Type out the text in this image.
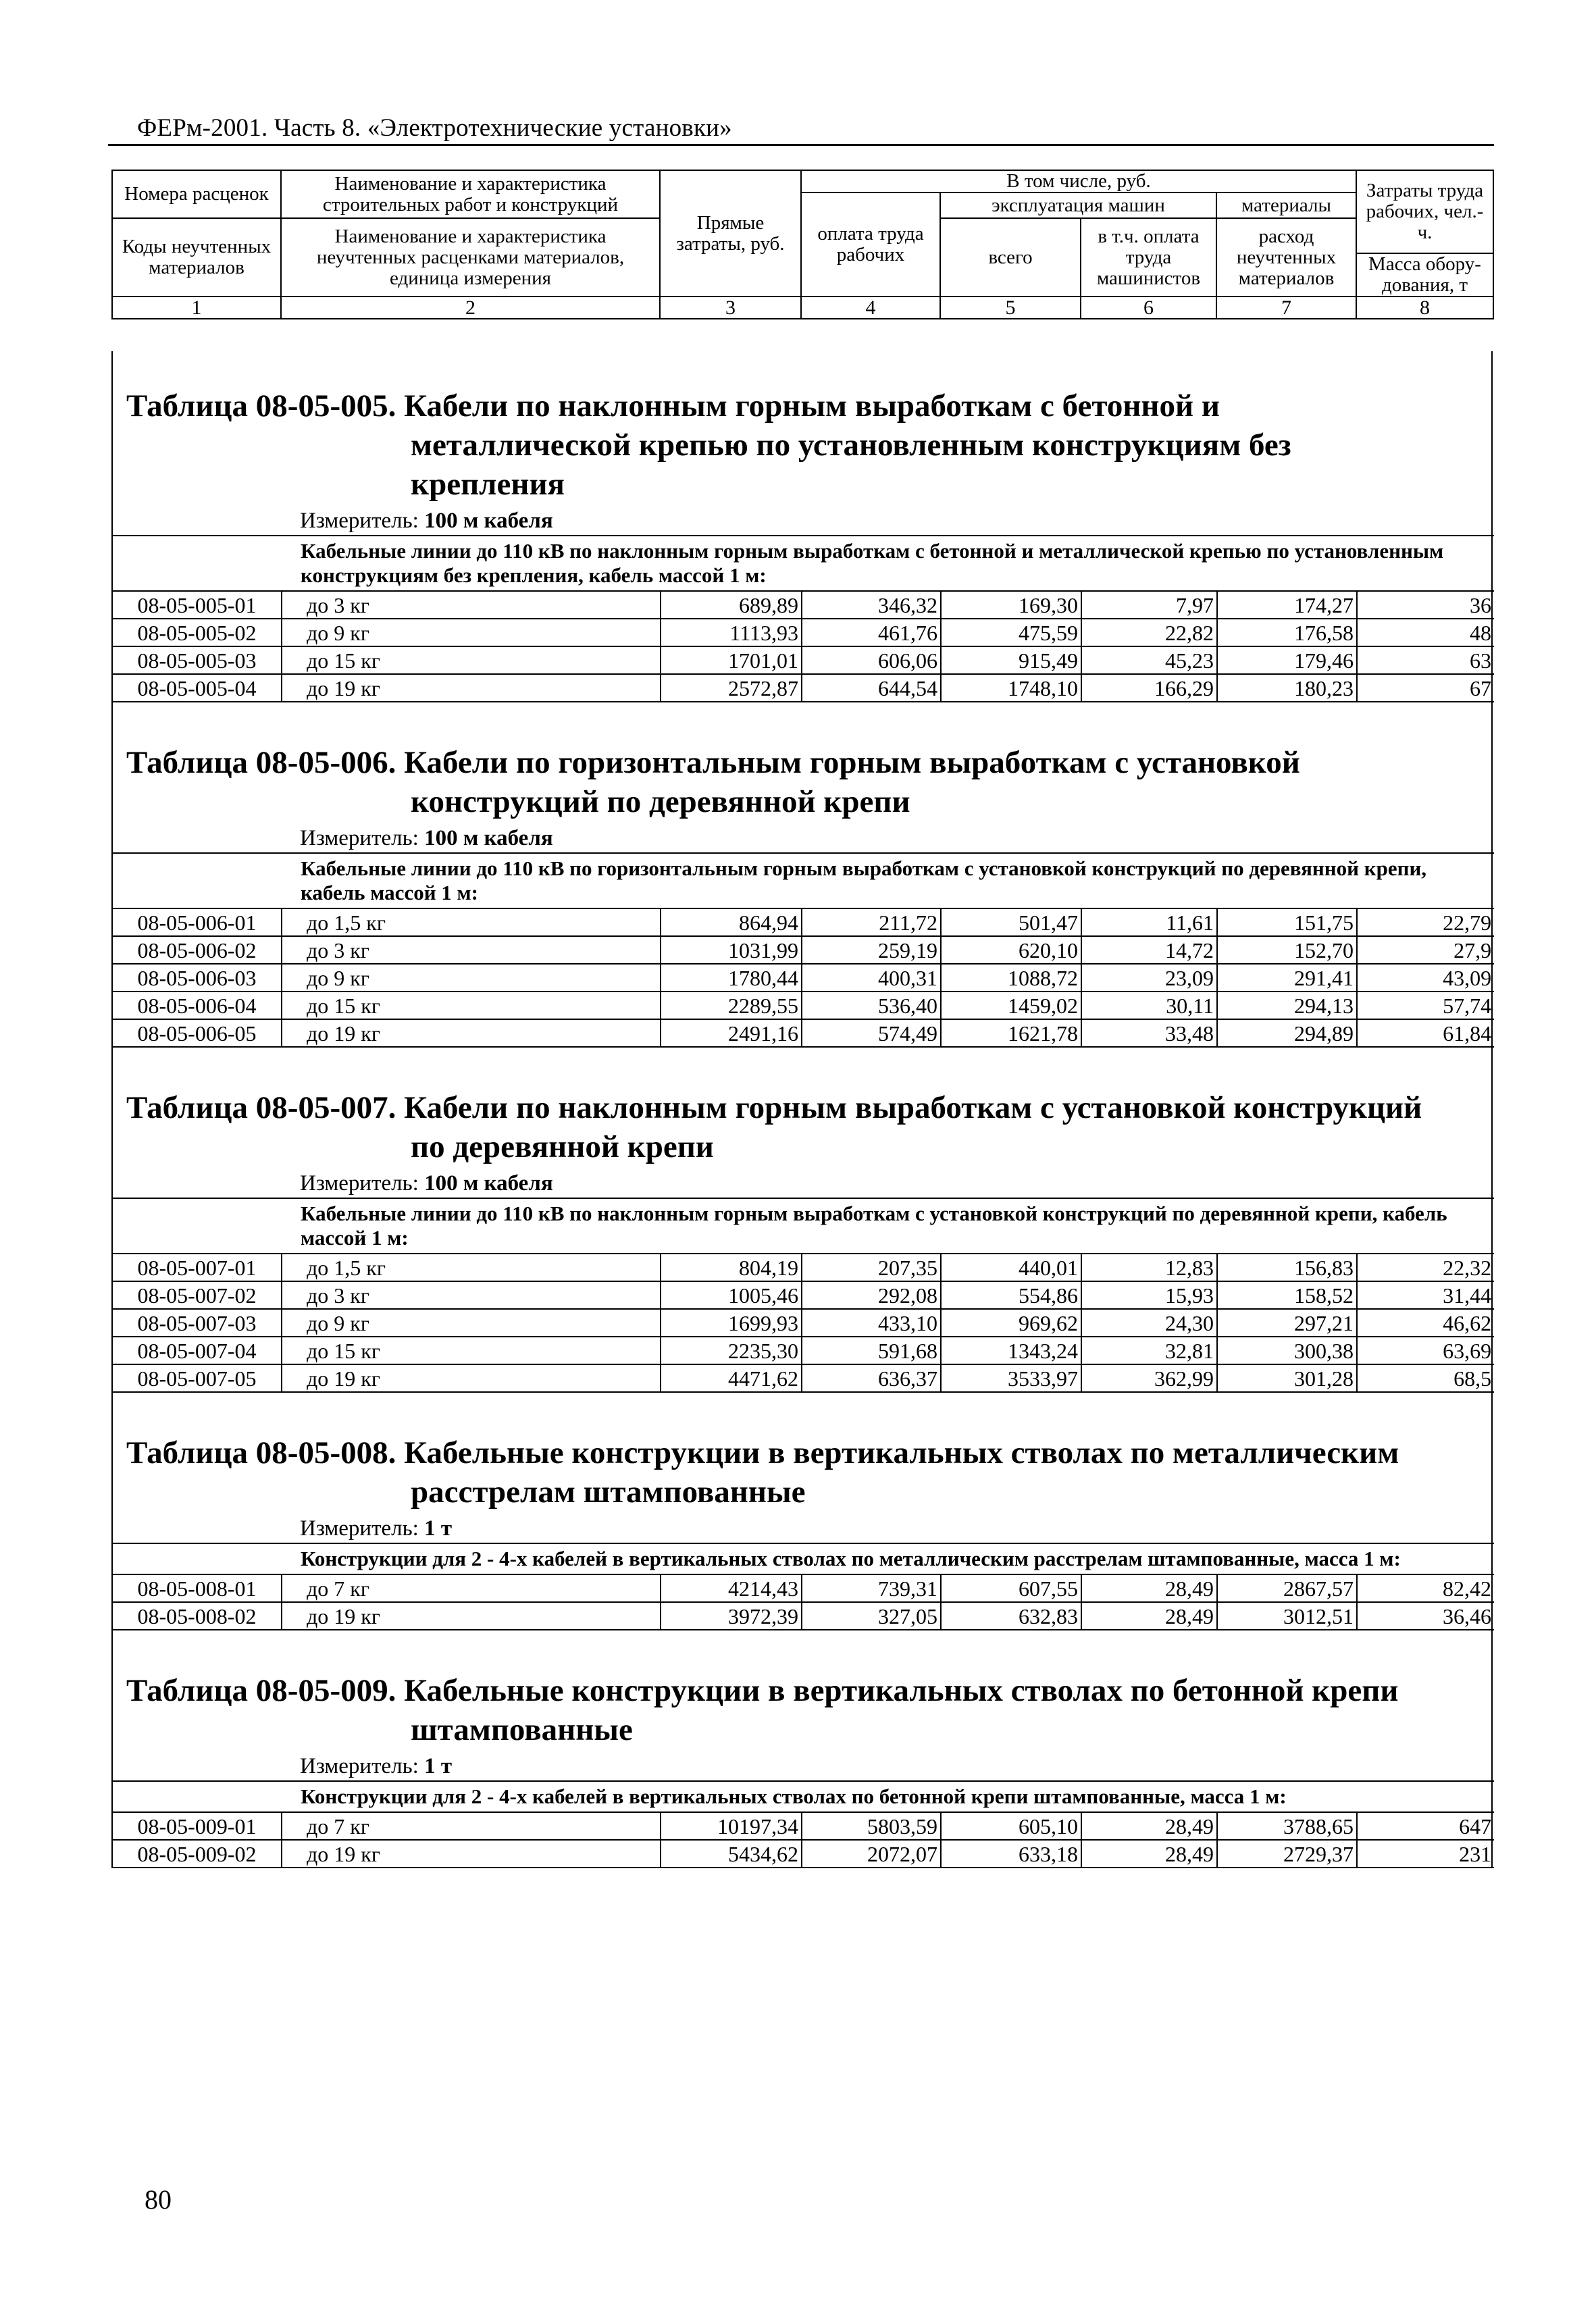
ФЕРм-2001. Часть 8. «Электротехнические установки»
Номера расценок	Наименование и характеристика строительных работ и конструкций	Прямые затраты, руб.	В том числе, руб.				Затраты труда рабочих, чел.-ч.
			оплата труда рабочих	эксплуатация машин		материалы	
Коды неучтенных материалов	Наименование и характеристика неучтенных расценками материалов, единица измерения			всего	в т.ч. оплата труда машинистов	расход неучтенных материалов	
							Масса обору-дования, т

1	2	3	4	5	6	7	8
Таблица 08-05-005. Кабели по наклонным горным выработкам с бетонной и
металлической крепью по установленным конструкциям без
крепления
Измеритель: 100 м кабеля
Кабельные линии до 110 кВ по наклонным горным выработкам с бетонной и металлической крепью по установленным конструкциям без крепления, кабель массой 1 м:							
08-05-005-01	до 3 кг	689,89	346,32	169,30	7,97	174,27	36
08-05-005-02	до 9 кг	1113,93	461,76	475,59	22,82	176,58	48
08-05-005-03	до 15 кг	1701,01	606,06	915,49	45,23	179,46	63
08-05-005-04	до 19 кг	2572,87	644,54	1748,10	166,29	180,23	67
Таблица 08-05-006. Кабели по горизонтальным горным выработкам с установкой
конструкций по деревянной крепи
Измеритель: 100 м кабеля
Кабельные линии до 110 кВ по горизонтальным горным выработкам с установкой конструкций по деревянной крепи, кабель массой 1 м:							
08-05-006-01	до 1,5 кг	864,94	211,72	501,47	11,61	151,75	22,79
08-05-006-02	до 3 кг	1031,99	259,19	620,10	14,72	152,70	27,9
08-05-006-03	до 9 кг	1780,44	400,31	1088,72	23,09	291,41	43,09
08-05-006-04	до 15 кг	2289,55	536,40	1459,02	30,11	294,13	57,74
08-05-006-05	до 19 кг	2491,16	574,49	1621,78	33,48	294,89	61,84
Таблица 08-05-007. Кабели по наклонным горным выработкам с установкой конструкций
по деревянной крепи
Измеритель: 100 м кабеля
Кабельные линии до 110 кВ по наклонным горным выработкам с установкой конструкций по деревянной крепи, кабель массой 1 м:							
08-05-007-01	до 1,5 кг	804,19	207,35	440,01	12,83	156,83	22,32
08-05-007-02	до 3 кг	1005,46	292,08	554,86	15,93	158,52	31,44
08-05-007-03	до 9 кг	1699,93	433,10	969,62	24,30	297,21	46,62
08-05-007-04	до 15 кг	2235,30	591,68	1343,24	32,81	300,38	63,69
08-05-007-05	до 19 кг	4471,62	636,37	3533,97	362,99	301,28	68,5
Таблица 08-05-008. Кабельные конструкции в вертикальных стволах по металлическим
расстрелам штампованные
Измеритель: 1 т
Конструкции для 2 - 4-х кабелей в вертикальных стволах по металлическим расстрелам штампованные, масса 1 м:							
08-05-008-01	до 7 кг	4214,43	739,31	607,55	28,49	2867,57	82,42
08-05-008-02	до 19 кг	3972,39	327,05	632,83	28,49	3012,51	36,46
Таблица 08-05-009. Кабельные конструкции в вертикальных стволах по бетонной крепи
штампованные
Измеритель: 1 т
Конструкции для 2 - 4-х кабелей в вертикальных стволах по бетонной крепи штампованные, масса 1 м:							
08-05-009-01	до 7 кг	10197,34	5803,59	605,10	28,49	3788,65	647
08-05-009-02	до 19 кг	5434,62	2072,07	633,18	28,49	2729,37	231
80
